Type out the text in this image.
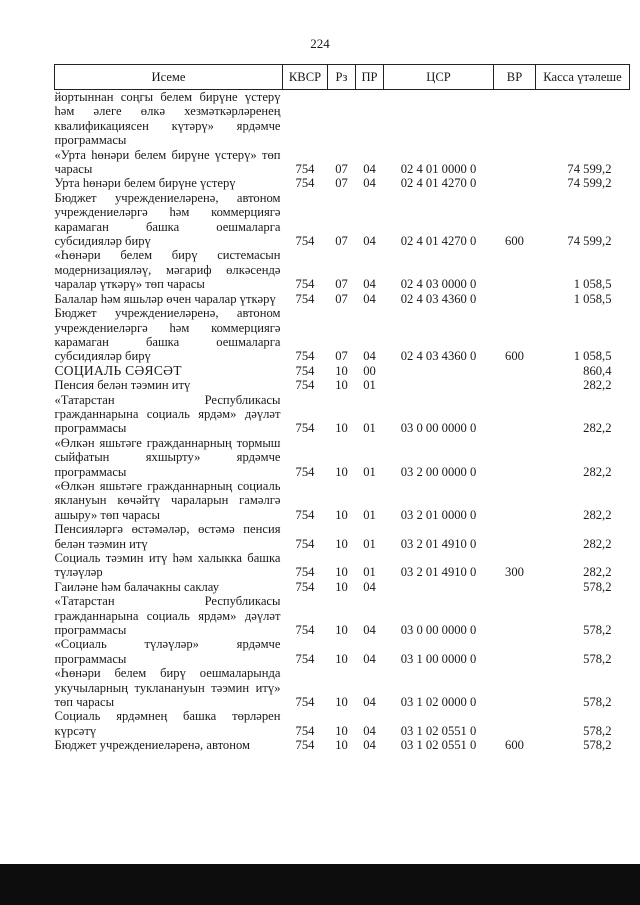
224
Исеме	КВСР	Рз	ПР	ЦСР	ВР	Касса үтәлеше
йортыннан соңгы белем бирүне үстерү һәм әлеге өлкә хезмәткәрләренең квалификациясен күтәрү» ярдәмче программасы						
«Урта һөнәри белем бирүне үстерү» төп чарасы	754	07	04	02 4 01 0000 0		74 599,2
Урта һөнәри белем бирүне үстерү	754	07	04	02 4 01 4270 0		74 599,2
Бюджет учреждениеләренә, автоном учреждениеләргә һәм коммерциягә карамаган башка оешмаларга субсидияләр бирү	754	07	04	02 4 01 4270 0	600	74 599,2
«Һөнәри белем бирү системасын модернизацияләү, мәгариф өлкәсендә чаралар үткәрү» төп чарасы	754	07	04	02 4 03 0000 0		1 058,5
Балалар һәм яшьләр өчен чаралар үткәрү	754	07	04	02 4 03 4360 0		1 058,5
Бюджет учреждениеләренә, автоном учреждениеләргә һәм коммерциягә карамаган башка оешмаларга субсидияләр бирү	754	07	04	02 4 03 4360 0	600	1 058,5
СОЦИАЛЬ СӘЯСӘТ	754	10	00			860,4
Пенсия белән тәэмин итү	754	10	01			282,2
«Татарстан Республикасы гражданнарына социаль ярдәм» дәүләт программасы	754	10	01	03 0 00 0000 0		282,2
«Өлкән яшьтәге гражданнарның тормыш сыйфатын яхшырту» ярдәмче программасы	754	10	01	03 2 00 0000 0		282,2
«Өлкән яшьтәге гражданнарның социаль яклануын көчәйтү чараларын гамәлгә ашыру» төп чарасы	754	10	01	03 2 01 0000 0		282,2
Пенсияләргә өстәмәләр, өстәмә пенсия белән тәэмин итү	754	10	01	03 2 01 4910 0		282,2
Социаль тәэмин итү һәм халыкка башка түләүләр	754	10	01	03 2 01 4910 0	300	282,2
Гаиләне һәм балачакны саклау	754	10	04			578,2
«Татарстан Республикасы гражданнарына социаль ярдәм» дәүләт программасы	754	10	04	03 0 00 0000 0		578,2
«Социаль түләүләр» ярдәмче программасы	754	10	04	03 1 00 0000 0		578,2
«Һөнәри белем бирү оешмаларында укучыларның тукланануын тәэмин итү» төп чарасы	754	10	04	03 1 02 0000 0		578,2
Социаль ярдәмнең башка төрләрен күрсәтү	754	10	04	03 1 02 0551 0		578,2
Бюджет учреждениеләренә, автоном	754	10	04	03 1 02 0551 0	600	578,2
